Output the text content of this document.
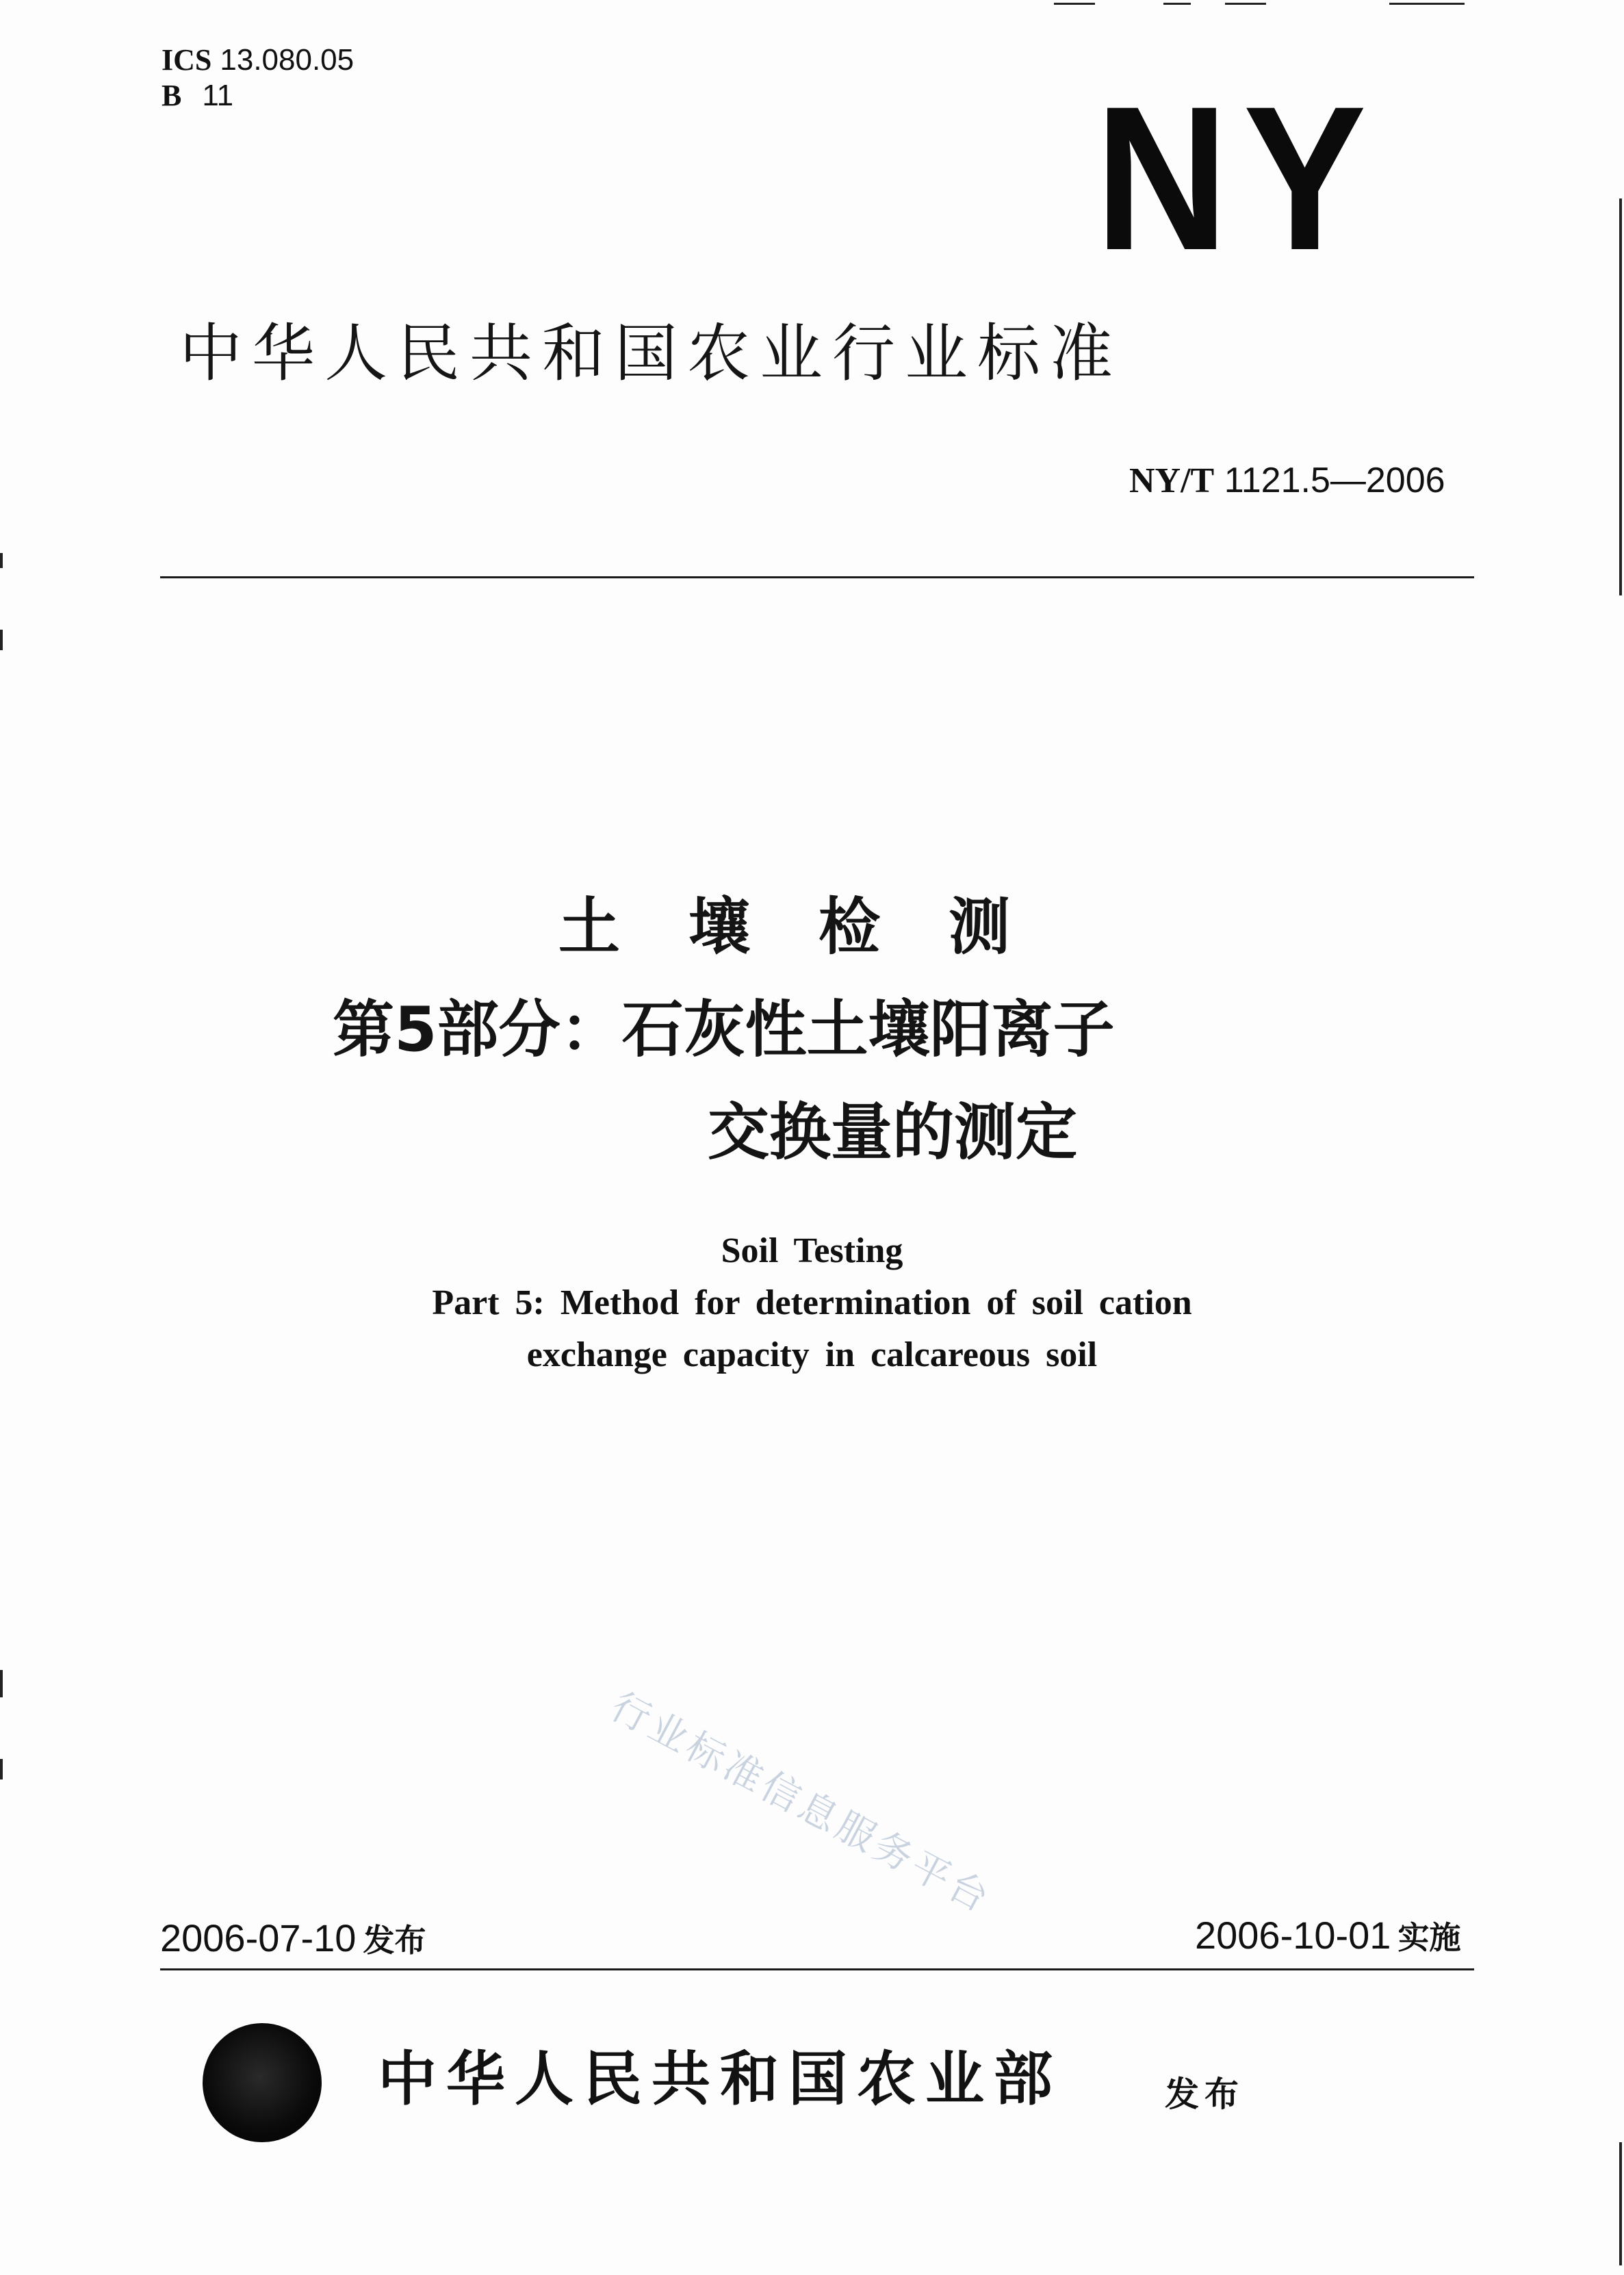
ICS 13.080.05
B 11	NY
中华人民共和国农业行业标准
NY/T 1121.5—2006
土壤检测
第5部分：石灰性土壤阳离子
交换量的测定
Soil Testing
Part 5: Method for determination of soil cation
exchange capacity in calcareous soil
行业标准信息服务平台
2006-07-10 发布	2006-10-01 实施
中华人民共和国农业部	发布
